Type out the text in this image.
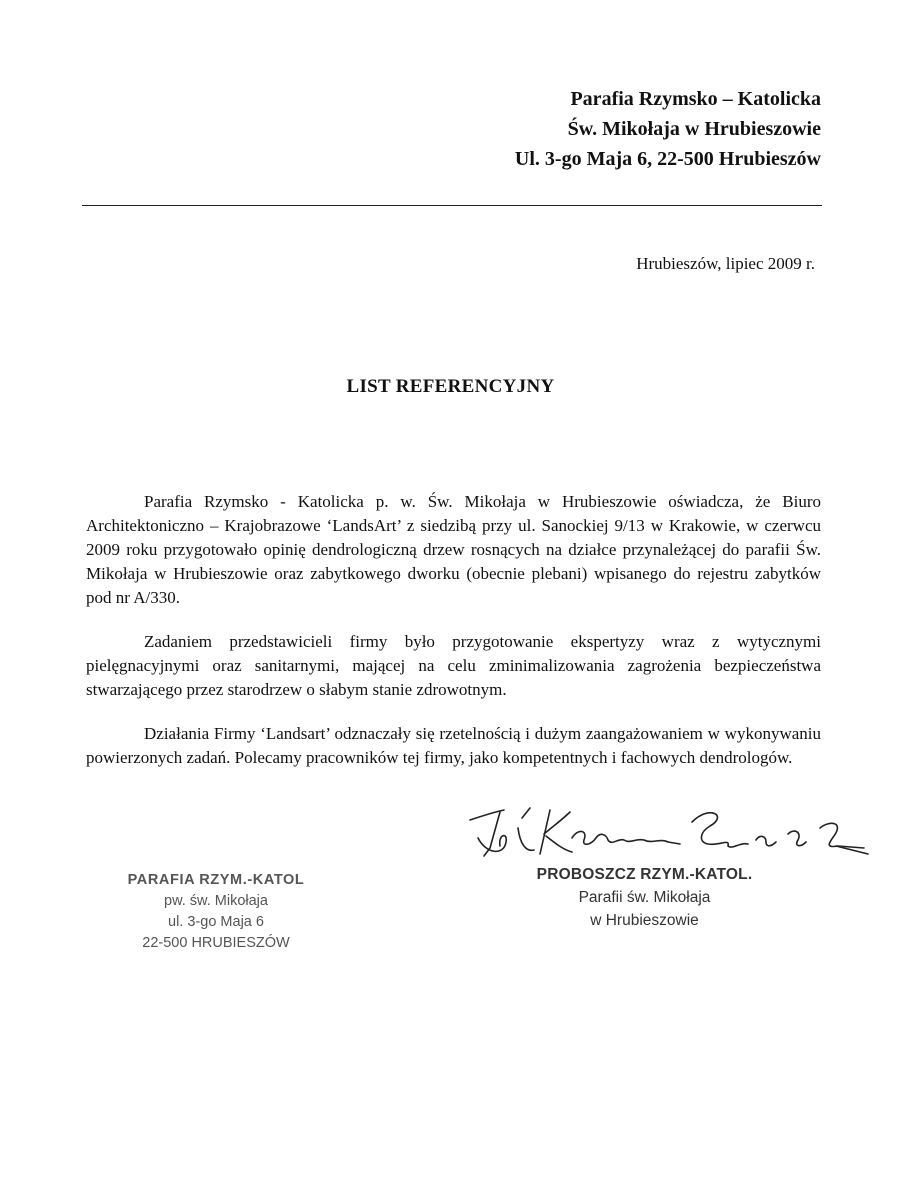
Parafia Rzymsko – Katolicka
Św. Mikołaja w Hrubieszowie
Ul. 3-go Maja 6, 22-500 Hrubieszów
Hrubieszów, lipiec 2009 r.
LIST REFERENCYJNY

Parafia Rzymsko - Katolicka p. w. Św. Mikołaja w Hrubieszowie oświadcza, że Biuro Architektoniczno – Krajobrazowe ‘LandsArt’ z siedzibą przy ul. Sanockiej 9/13 w Krakowie, w czerwcu 2009 roku przygotowało opinię dendrologiczną drzew rosnących na działce przynależącej do parafii Św. Mikołaja w Hrubieszowie oraz zabytkowego dworku (obecnie plebani) wpisanego do rejestru zabytków pod nr A/330.

Zadaniem przedstawicieli firmy było przygotowanie ekspertyzy wraz z wytycznymi pielęgnacyjnymi oraz sanitarnymi, mającej na celu zminimalizowania zagrożenia bezpieczeństwa stwarzającego przez starodrzew o słabym stanie zdrowotnym.

Działania Firmy ‘Landsart’ odznaczały się rzetelnością i dużym zaangażowaniem w wykonywaniu powierzonych zadań. Polecamy pracowników tej firmy, jako kompetentnych i fachowych dendrologów.

PARAFIA RZYM.-KATOL
pw. św. Mikołaja
ul. 3-go Maja 6
22-500 HRUBIESZÓW
PROBOSZCZ RZYM.-KATOL.
Parafii św. Mikołaja
w Hrubieszowie
